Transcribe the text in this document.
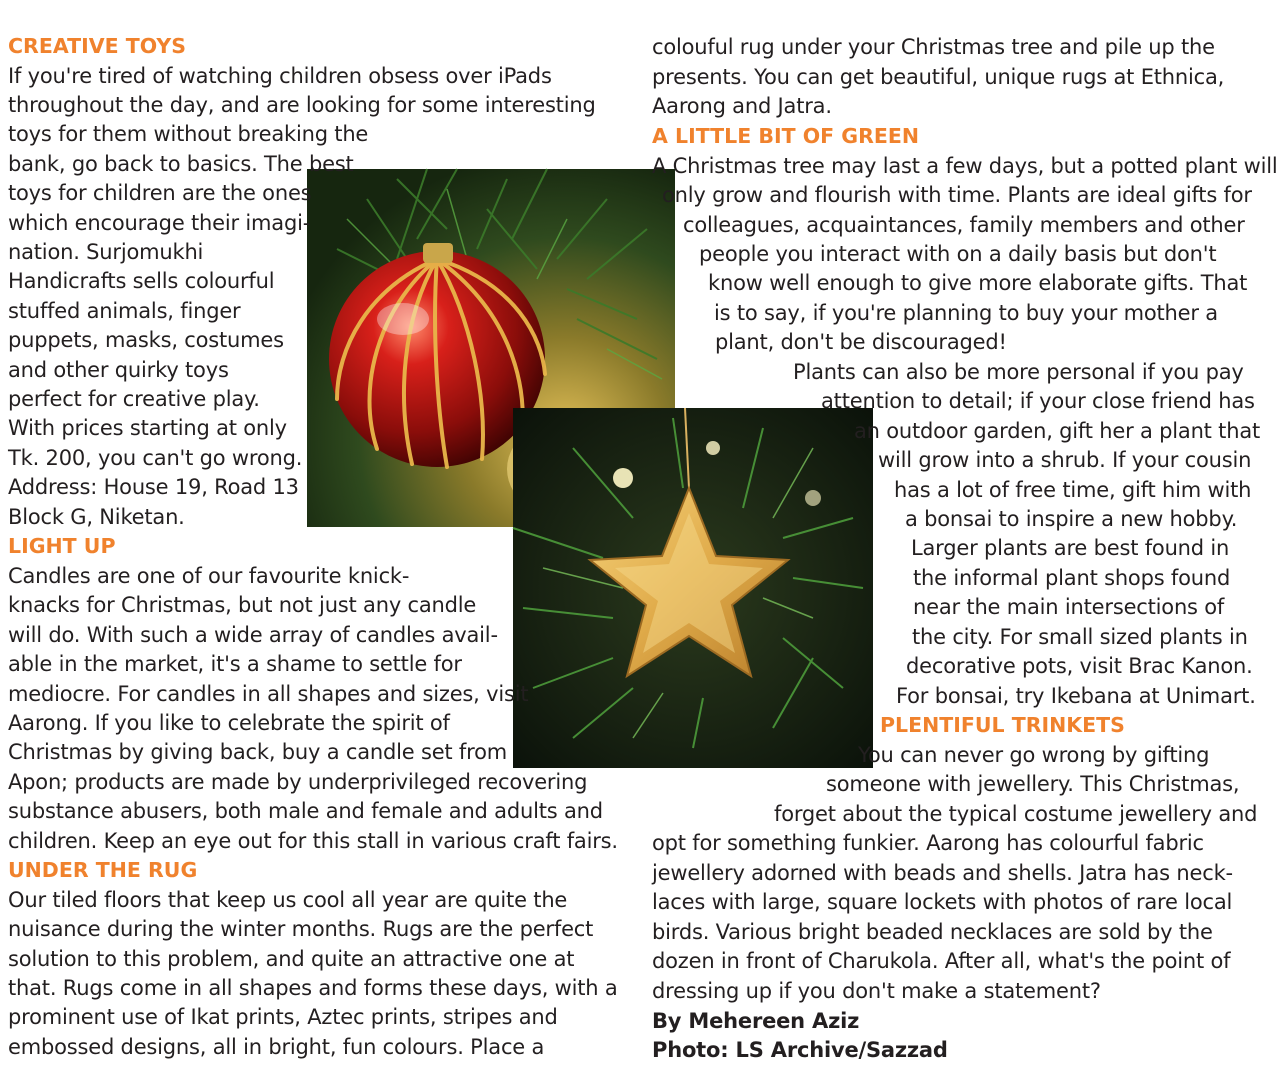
CREATIVE TOYS
If you're tired of watching children obsess over iPads
throughout the day, and are looking for some interesting
toys for them without breaking the
bank, go back to basics. The best
toys for children are the ones
which encourage their imagi-
nation. Surjomukhi
Handicrafts sells colourful
stuffed animals, finger
puppets, masks, costumes
and other quirky toys
perfect for creative play.
With prices starting at only
Tk. 200, you can't go wrong.
Address: House 19, Road 13
Block G, Niketan.
LIGHT UP
Candles are one of our favourite knick-
knacks for Christmas, but not just any candle
will do. With such a wide array of candles avail-
able in the market, it's a shame to settle for
mediocre. For candles in all shapes and sizes, visit
Aarong. If you like to celebrate the spirit of
Christmas by giving back, buy a candle set from
Apon; products are made by underprivileged recovering
substance abusers, both male and female and adults and
children. Keep an eye out for this stall in various craft fairs.
UNDER THE RUG
Our tiled floors that keep us cool all year are quite the
nuisance during the winter months. Rugs are the perfect
solution to this problem, and quite an attractive one at
that. Rugs come in all shapes and forms these days, with a
prominent use of Ikat prints, Aztec prints, stripes and
embossed designs, all in bright, fun colours. Place a
colouful rug under your Christmas tree and pile up the
presents. You can get beautiful, unique rugs at Ethnica,
Aarong and Jatra.
A LITTLE BIT OF GREEN
A Christmas tree may last a few days, but a potted plant will
only grow and flourish with time. Plants are ideal gifts for
colleagues, acquaintances, family members and other
people you interact with on a daily basis but don't
know well enough to give more elaborate gifts. That
is to say, if you're planning to buy your mother a
plant, don't be discouraged!
Plants can also be more personal if you pay
attention to detail; if your close friend has
an outdoor garden, gift her a plant that
will grow into a shrub. If your cousin
has a lot of free time, gift him with
a bonsai to inspire a new hobby.
Larger plants are best found in
the informal plant shops found
near the main intersections of
the city. For small sized plants in
decorative pots, visit Brac Kanon.
For bonsai, try Ikebana at Unimart.
PLENTIFUL TRINKETS
You can never go wrong by gifting
someone with jewellery. This Christmas,
forget about the typical costume jewellery and
opt for something funkier. Aarong has colourful fabric
jewellery adorned with beads and shells. Jatra has neck-
laces with large, square lockets with photos of rare local
birds. Various bright beaded necklaces are sold by the
dozen in front of Charukola. After all, what's the point of
dressing up if you don't make a statement?
By Mehereen Aziz
Photo: LS Archive/Sazzad
